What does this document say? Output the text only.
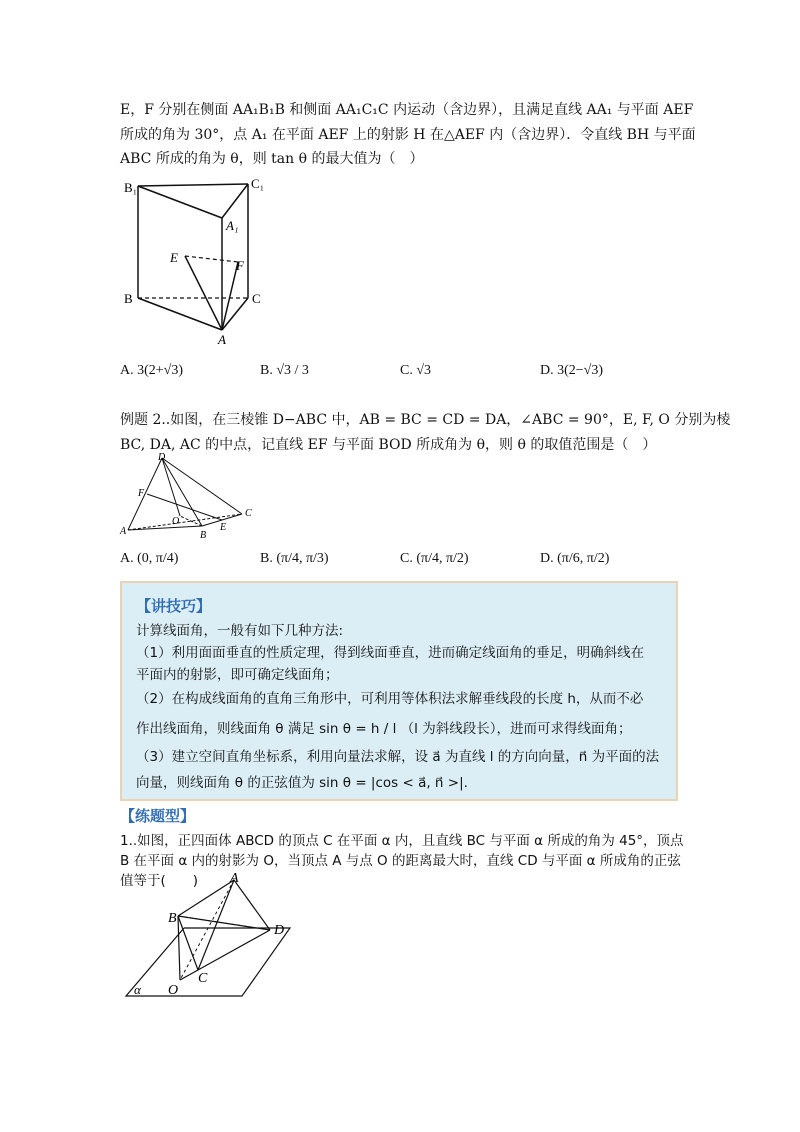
E，F 分别在侧面 AA₁B₁B 和侧面 AA₁C₁C 内运动（含边界），且满足直线 AA₁ 与平面 AEF
所成的角为 30°，点 A₁ 在平面 AEF 上的射影 H 在△AEF 内（含边界）．令直线 BH 与平面
ABC 所成的角为 θ，则 tan θ 的最大值为（　）
B₁	C₁
A₁
E
F
B	C
A
A. 3(2+√3)	B. √3 / 3	C. √3	D. 3(2−√3)
例题 2..如图，在三棱锥 D−ABC 中，AB = BC = CD = DA，∠ABC = 90°，E, F, O 分别为棱
BC, DA, AC 的中点，记直线 EF 与平面 BOD 所成角为 θ，则 θ 的取值范围是（　）
D
F
O
A	B
C
E
A. (0, π/4)	B. (π/4, π/3)	C. (π/4, π/2)	D. (π/6, π/2)
【讲技巧】
计算线面角，一般有如下几种方法:
（1）利用面面垂直的性质定理，得到线面垂直，进而确定线面角的垂足，明确斜线在
平面内的射影，即可确定线面角；
（2）在构成线面角的直角三角形中，可利用等体积法求解垂线段的长度 h，从而不必
作出线面角，则线面角 θ 满足 sin θ = h / l （l 为斜线段长），进而可求得线面角；
（3）建立空间直角坐标系，利用向量法求解，设 a⃗ 为直线 l 的方向向量，n⃗ 为平面的法
向量，则线面角 θ 的正弦值为 sin θ = |cos < a⃗, n⃗ >|.
【练题型】
1..如图，正四面体 ABCD 的顶点 C 在平面 α 内，且直线 BC 与平面 α 所成的角为 45°，顶点
B 在平面 α 内的射影为 O，当顶点 A 与点 O 的距离最大时，直线 CD 与平面 α 所成角的正弦
值等于(　　) A
B
D
C
O
α
